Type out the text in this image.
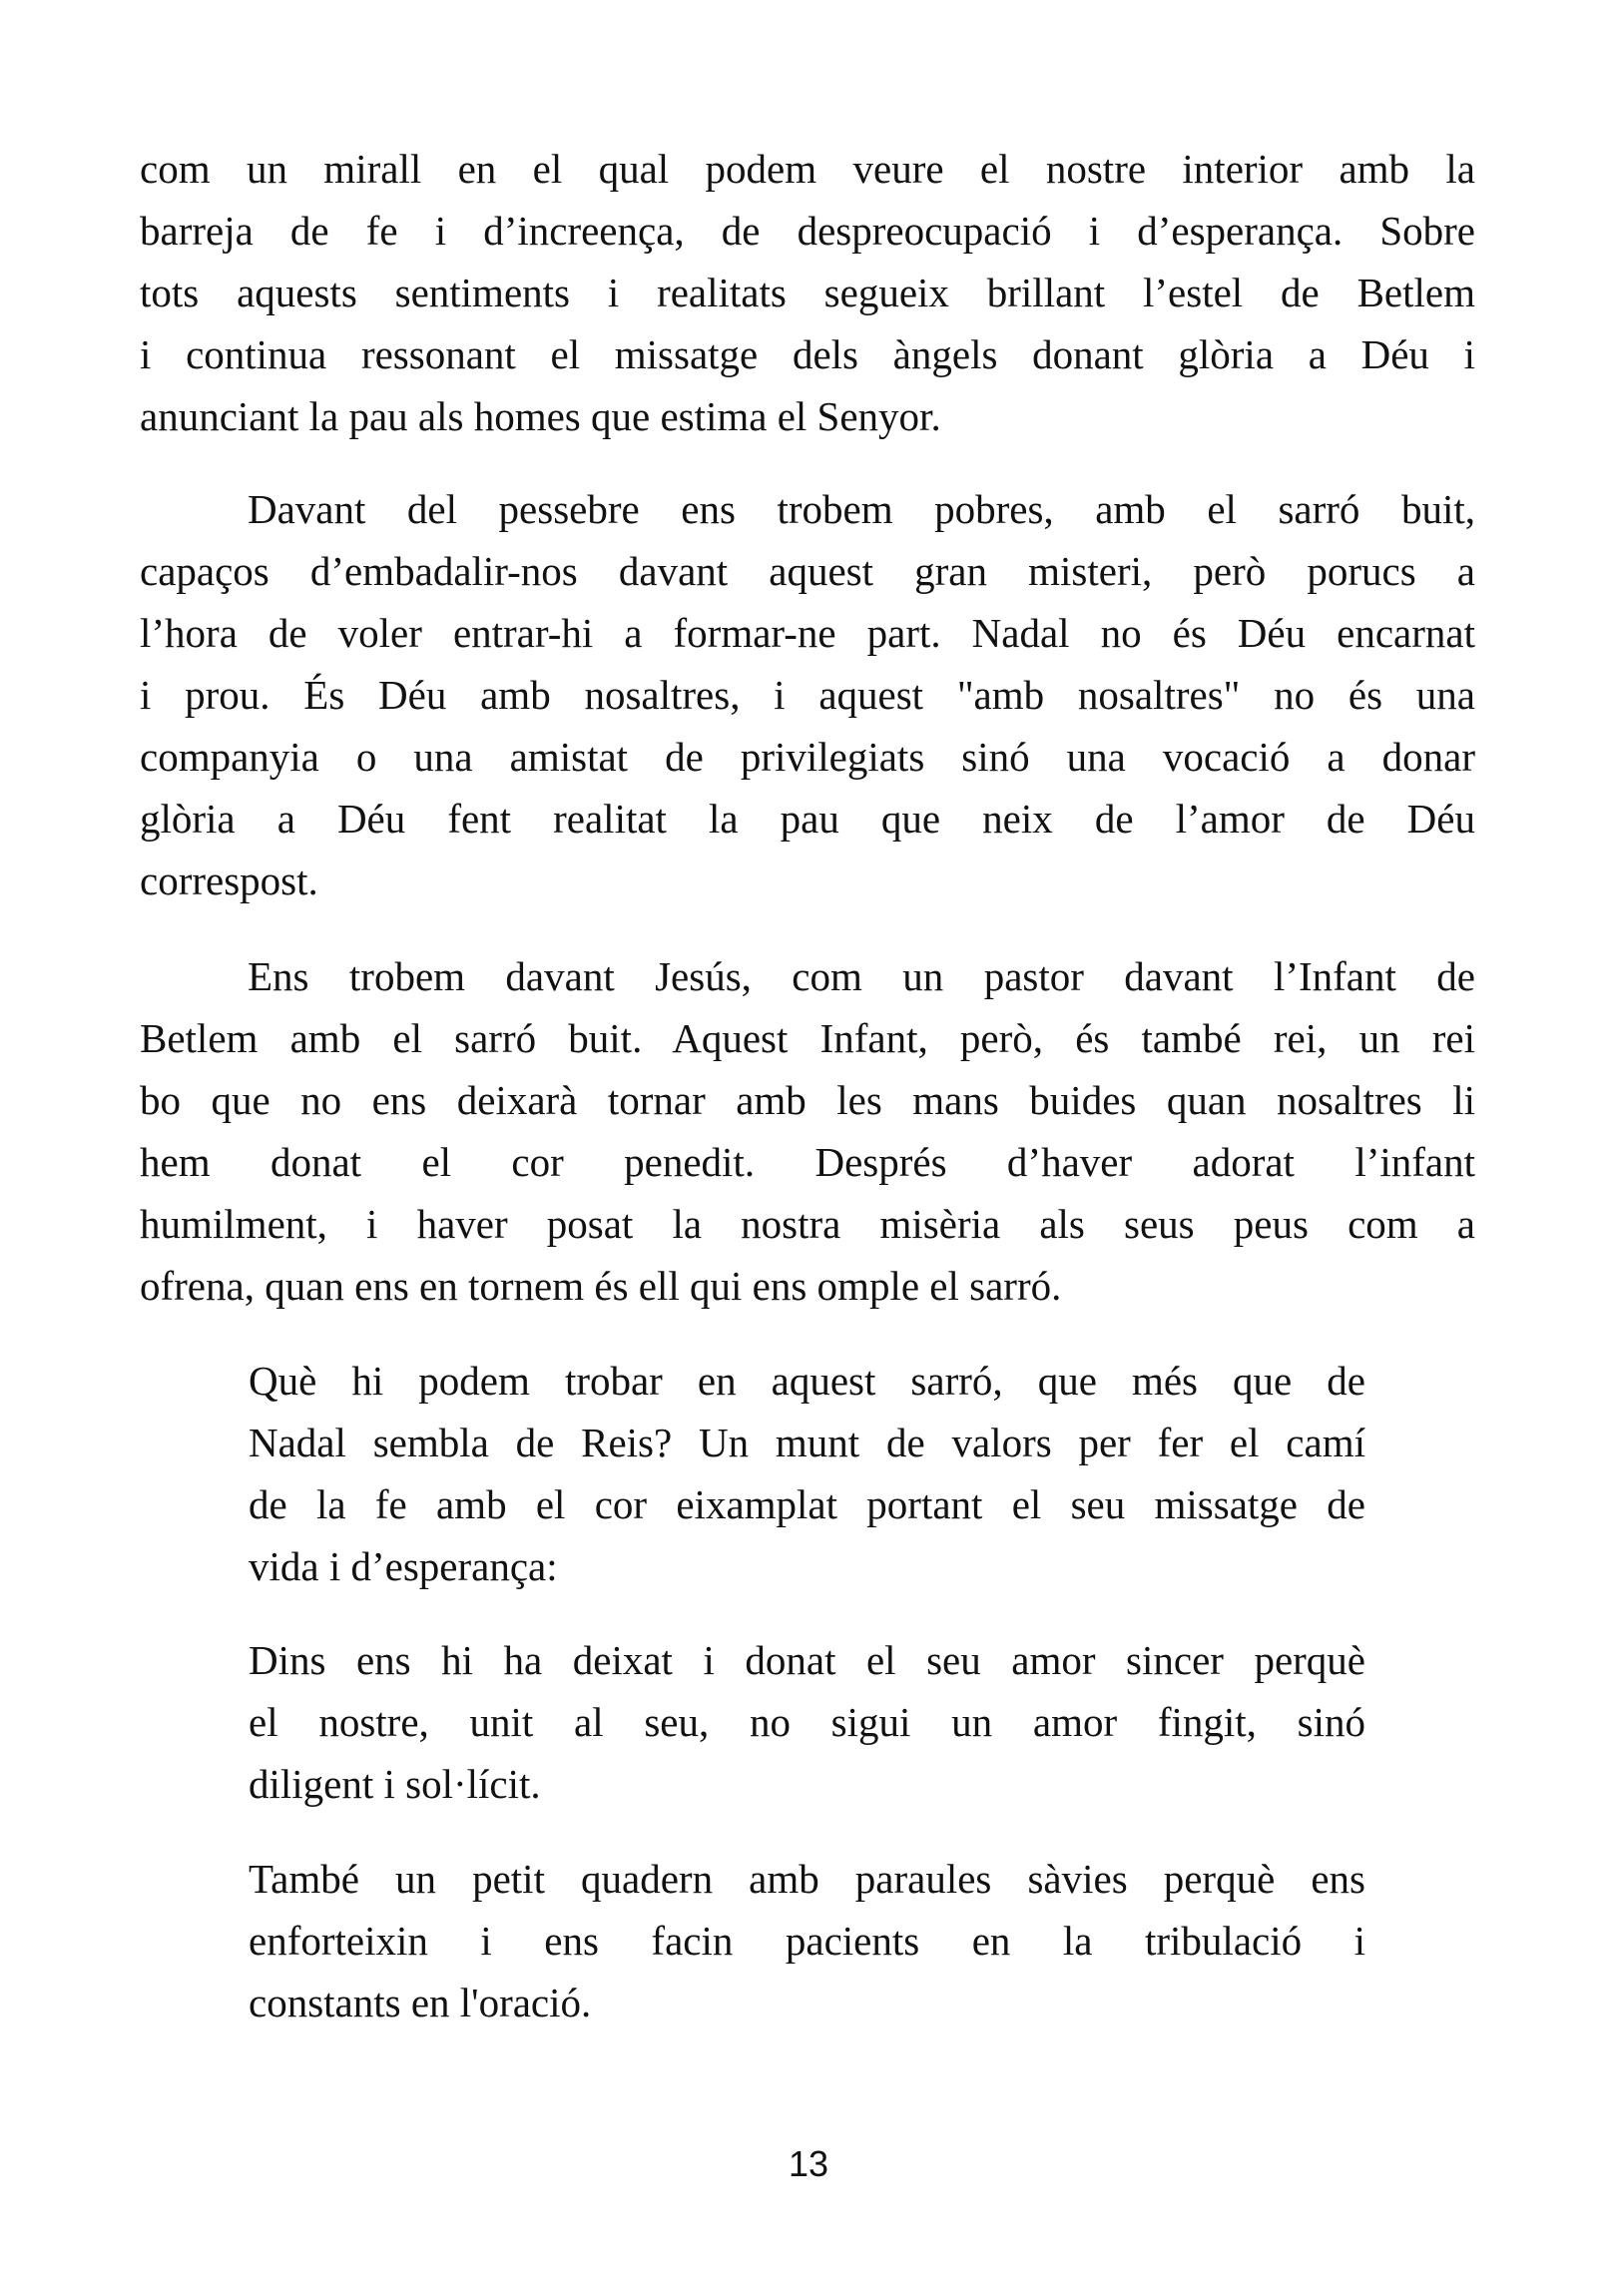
com un mirall en el qual podem veure el nostre interior amb la
barreja de fe i d’increença, de despreocupació i d’esperança. Sobre
tots aquests sentiments i realitats segueix brillant l’estel de Betlem
i continua ressonant el missatge dels àngels donant glòria a Déu i
anunciant la pau als homes que estima el Senyor.
Davant del pessebre ens trobem pobres, amb el sarró buit,
capaços d’embadalir-nos davant aquest gran misteri, però porucs a
l’hora de voler entrar-hi a formar-ne part. Nadal no és Déu encarnat
i prou. És Déu amb nosaltres, i aquest "amb nosaltres" no és una
companyia o una amistat de privilegiats sinó una vocació a donar
glòria a Déu fent realitat la pau que neix de l’amor de Déu
correspost.
Ens trobem davant Jesús, com un pastor davant l’Infant de
Betlem amb el sarró buit. Aquest Infant, però, és també rei, un rei
bo que no ens deixarà tornar amb les mans buides quan nosaltres li
hem donat el cor penedit. Després d’haver adorat l’infant
humilment, i haver posat la nostra misèria als seus peus com a
ofrena, quan ens en tornem és ell qui ens omple el sarró.
Què hi podem trobar en aquest sarró, que més que de
Nadal sembla de Reis? Un munt de valors per fer el camí
de la fe amb el cor eixamplat portant el seu missatge de
vida i d’esperança:
Dins ens hi ha deixat i donat el seu amor sincer perquè
el nostre, unit al seu, no sigui un amor fingit, sinó
diligent i sol·lícit.
També un petit quadern amb paraules sàvies perquè ens
enforteixin i ens facin pacients en la tribulació i
constants en l'oració.
13
